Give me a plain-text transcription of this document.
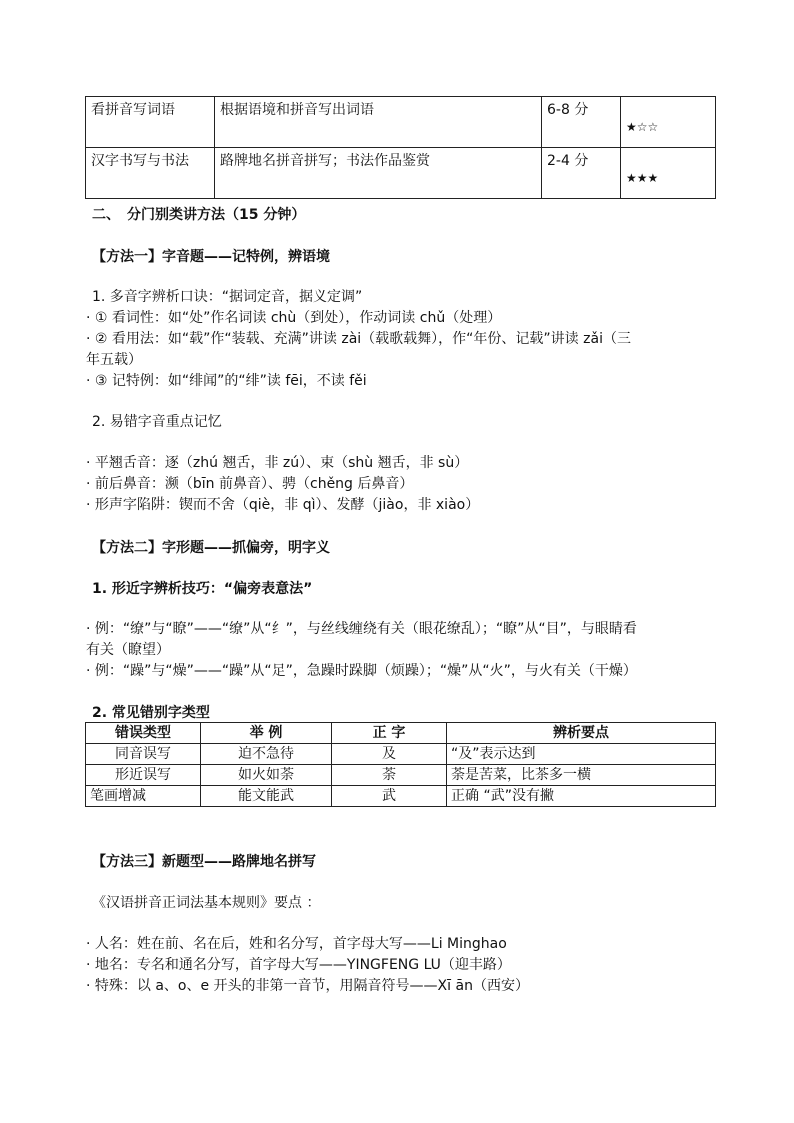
看拼音写词语	根据语境和拼音写出词语	6-8 分	★☆☆
汉字书写与书法	路牌地名拼音拼写；书法作品鉴赏	2-4 分	★★★
二、　分门别类讲方法（15 分钟）
【方法一】字音题——记特例，辨语境
1. 多音字辨析口诀：“据词定音，据义定调”
· ① 看词性：如“处”作名词读 chù（到处），作动词读 chǔ（处理）
· ② 看用法：如“载”作“装载、充满”讲读 zài（载歌载舞），作“年份、记载”讲读 zǎi（三
年五载）
· ③ 记特例：如“绯闻”的“绯”读 fēi，不读 fěi
2. 易错字音重点记忆
· 平翘舌音：逐（zhú 翘舌，非 zú）、束（shù 翘舌，非 sù）
· 前后鼻音：濒（bīn 前鼻音）、骋（chěng 后鼻音）
· 形声字陷阱：锲而不舍（qiè，非 qì）、发酵（jiào，非 xiào）
【方法二】字形题——抓偏旁，明字义
1. 形近字辨析技巧：“偏旁表意法”
· 例：“缭”与“瞭”——“缭”从“纟”，与丝线缠绕有关（眼花缭乱）；“瞭”从“目”，与眼睛看
有关（瞭望）
· 例：“躁”与“燥”——“躁”从“足”，急躁时跺脚（烦躁）；“燥”从“火”，与火有关（干燥）
2. 常见错别字类型
错误类型	举 例	正 字	辨析要点
同音误写	迫不急待	及	“及”表示达到
形近误写	如火如荼	荼	荼是苦菜，比茶多一横
笔画增减	能文能武	武	正确 “武”没有撇
【方法三】新题型——路牌地名拼写
《汉语拼音正词法基本规则》要点 ：
· 人名：姓在前、名在后，姓和名分写，首字母大写——Li Minghao
· 地名：专名和通名分写，首字母大写——YINGFENG LU（迎丰路）
· 特殊：以 a、o、e 开头的非第一音节，用隔音符号——Xī ān（西安）
